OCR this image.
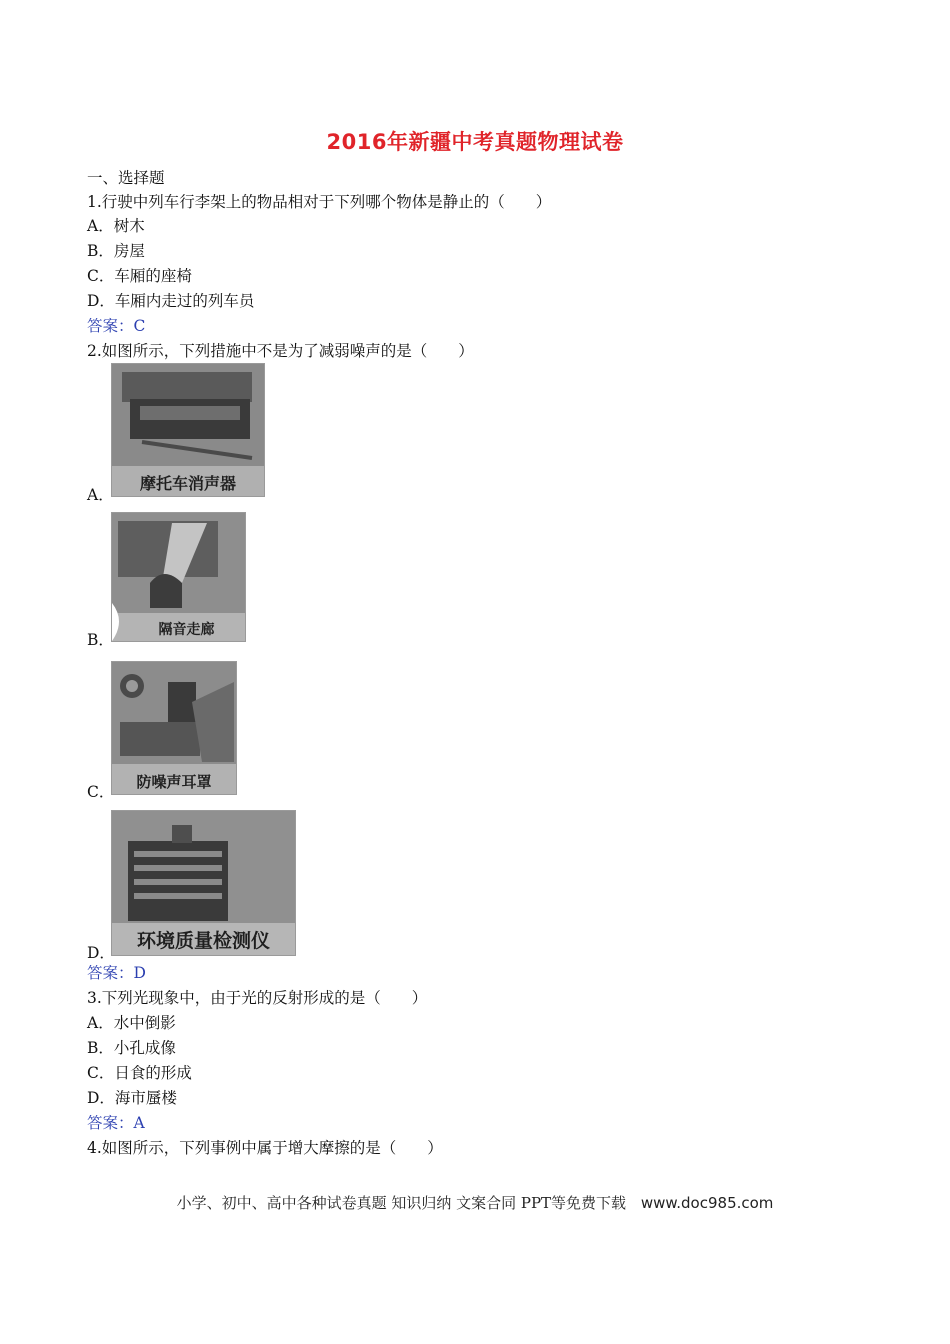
2016年新疆中考真题物理试卷
一、选择题
1.行驶中列车行李架上的物品相对于下列哪个物体是静止的（　　）
A．树木
B．房屋
C．车厢的座椅
D．车厢内走过的列车员
答案：C
2.如图所示，下列措施中不是为了减弱噪声的是（　　）
摩托车消声器
A．
隔音走廊
B．
防噪声耳罩
C．
环境质量检测仪
D．
答案：D
3.下列光现象中，由于光的反射形成的是（　　）
A．水中倒影
B．小孔成像
C．日食的形成
D．海市蜃楼
答案：A
4.如图所示，下列事例中属于增大摩擦的是（　　）
小学、初中、高中各种试卷真题 知识归纳 文案合同 PPT等免费下载 www.doc985.com
